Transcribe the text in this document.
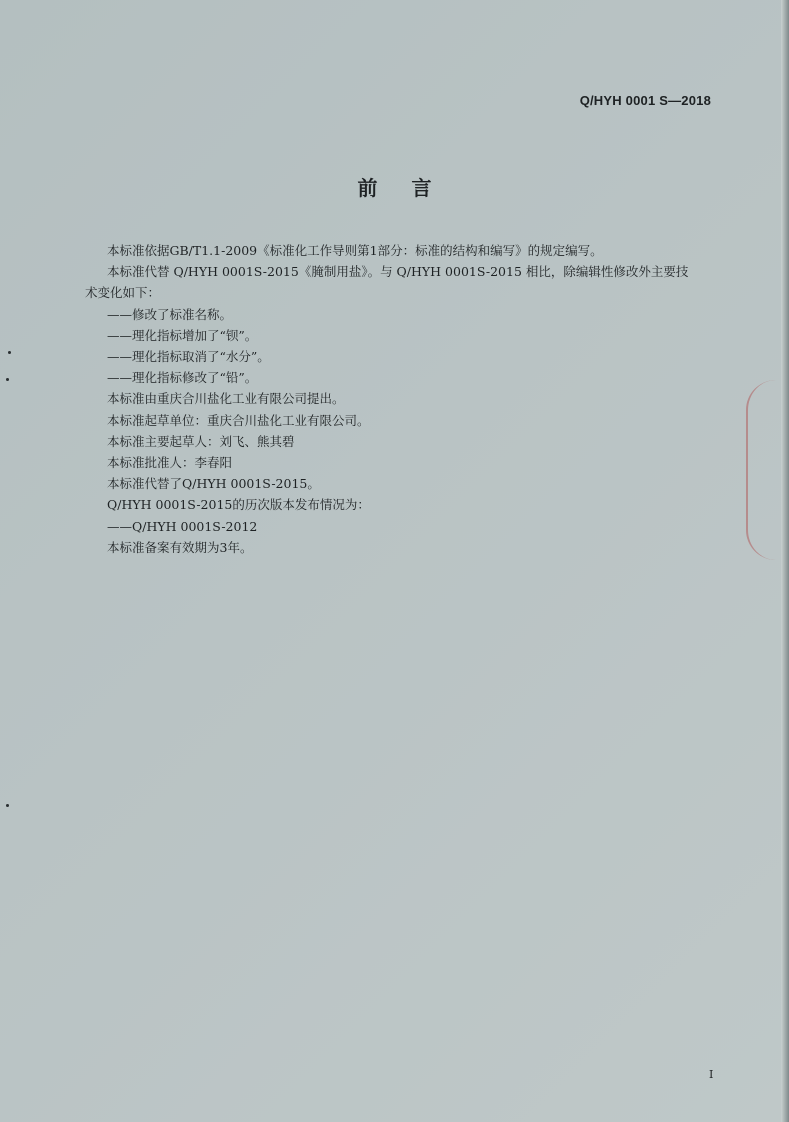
Q/HYH 0001 S—2018
前言
本标准依据GB/T1.1-2009《标准化工作导则第1部分：标准的结构和编写》的规定编写。
本标准代替 Q/HYH 0001S-2015《腌制用盐》。与 Q/HYH 0001S-2015 相比，除编辑性修改外主要技
术变化如下：
——修改了标准名称。
——理化指标增加了“钡”。
——理化指标取消了“水分”。
——理化指标修改了“铅”。
本标准由重庆合川盐化工业有限公司提出。
本标准起草单位：重庆合川盐化工业有限公司。
本标准主要起草人：刘飞、熊其碧
本标准批准人：李春阳
本标准代替了Q/HYH 0001S-2015。
Q/HYH 0001S-2015的历次版本发布情况为：
——Q/HYH 0001S-2012
本标准备案有效期为3年。
I
